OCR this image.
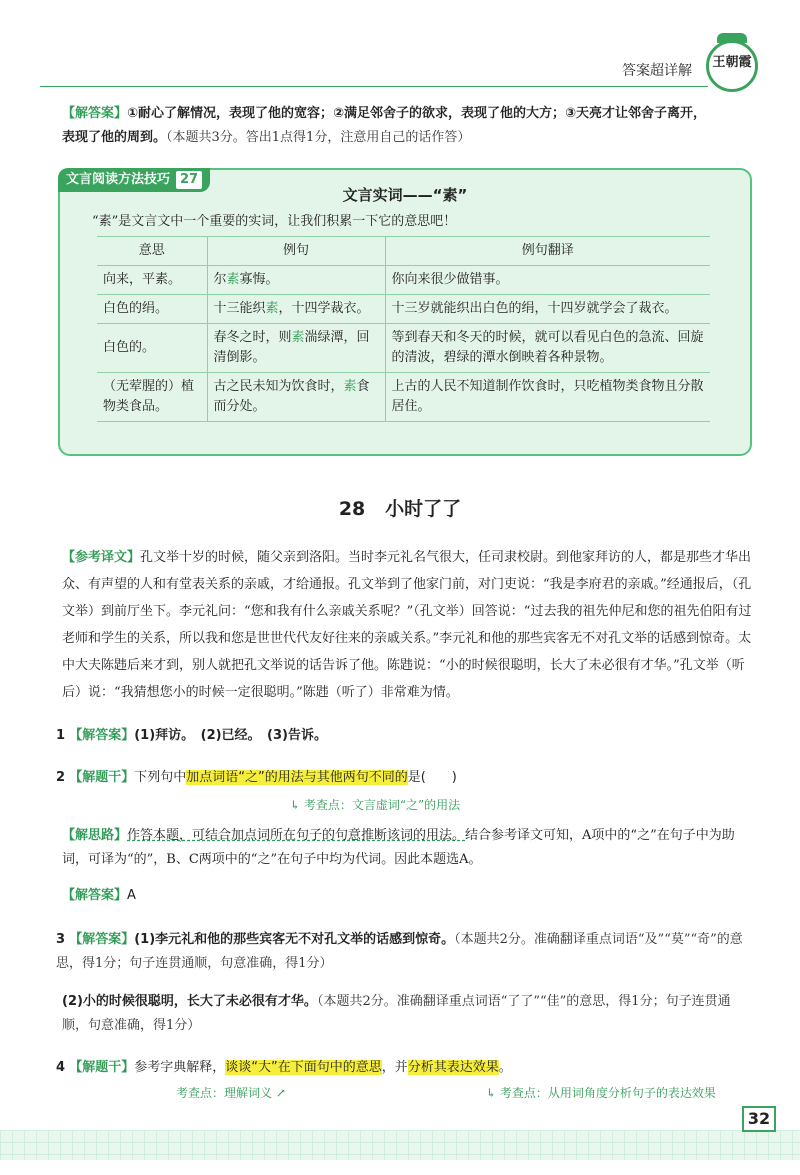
答案超详解
王朝霞
【解答案】①耐心了解情况，表现了他的宽容；②满足邻舍子的欲求，表现了他的大方；③天亮才让邻舍子离开，
表现了他的周到。（本题共3分。答出1点得1分，注意用自己的话作答）
文言阅读方法技巧 27
文言实词——“素”
“素”是文言文中一个重要的实词，让我们积累一下它的意思吧！
意思	例句	例句翻译
向来，平素。	尔素寡悔。	你向来很少做错事。
白色的绢。	十三能织素，十四学裁衣。	十三岁就能织出白色的绢，十四岁就学会了裁衣。
白色的。	春冬之时，则素湍绿潭，回清倒影。	等到春天和冬天的时候，就可以看见白色的急流、回旋的清波，碧绿的潭水倒映着各种景物。
（无荤腥的）植物类食品。	古之民未知为饮食时，素食而分处。	上古的人民不知道制作饮食时，只吃植物类食物且分散居住。
28 小时了了
【参考译文】孔文举十岁的时候，随父亲到洛阳。当时李元礼名气很大，任司隶校尉。到他家拜访的人，都是那些才华出众、有声望的人和有堂表关系的亲戚，才给通报。孔文举到了他家门前，对门吏说：“我是李府君的亲戚。”经通报后，（孔文举）到前厅坐下。李元礼问：“您和我有什么亲戚关系呢？”（孔文举）回答说：“过去我的祖先仲尼和您的祖先伯阳有过老师和学生的关系，所以我和您是世世代代友好往来的亲戚关系。”李元礼和他的那些宾客无不对孔文举的话感到惊奇。太中大夫陈韪后来才到，别人就把孔文举说的话告诉了他。陈韪说：“小的时候很聪明，长大了未必很有才华。”孔文举（听后）说：“我猜想您小的时候一定很聪明。”陈韪（听了）非常难为情。
1 【解答案】(1)拜访。　(2)已经。　(3)告诉。
2 【解题干】下列句中加点词语“之”的用法与其他两句不同的是(　　)
↳ 考查点：文言虚词“之”的用法
【解思路】作答本题，可结合加点词所在句子的句意推断该词的用法。结合参考译文可知，A项中的“之”在句子中为助词，可译为“的”，B、C两项中的“之”在句子中均为代词。因此本题选A。
【解答案】A
3 【解答案】(1)李元礼和他的那些宾客无不对孔文举的话感到惊奇。（本题共2分。准确翻译重点词语“及”“莫”“奇”的意思，得1分；句子连贯通顺，句意准确，得1分）
(2)小的时候很聪明，长大了未必很有才华。（本题共2分。准确翻译重点词语“了了”“佳”的意思，得1分；句子连贯通顺，句意准确，得1分）
4 【解题干】参考字典解释，谈谈“大”在下面句中的意思，并分析其表达效果。
考查点：理解词义 ↗	↳ 考查点：从用词角度分析句子的表达效果
32
